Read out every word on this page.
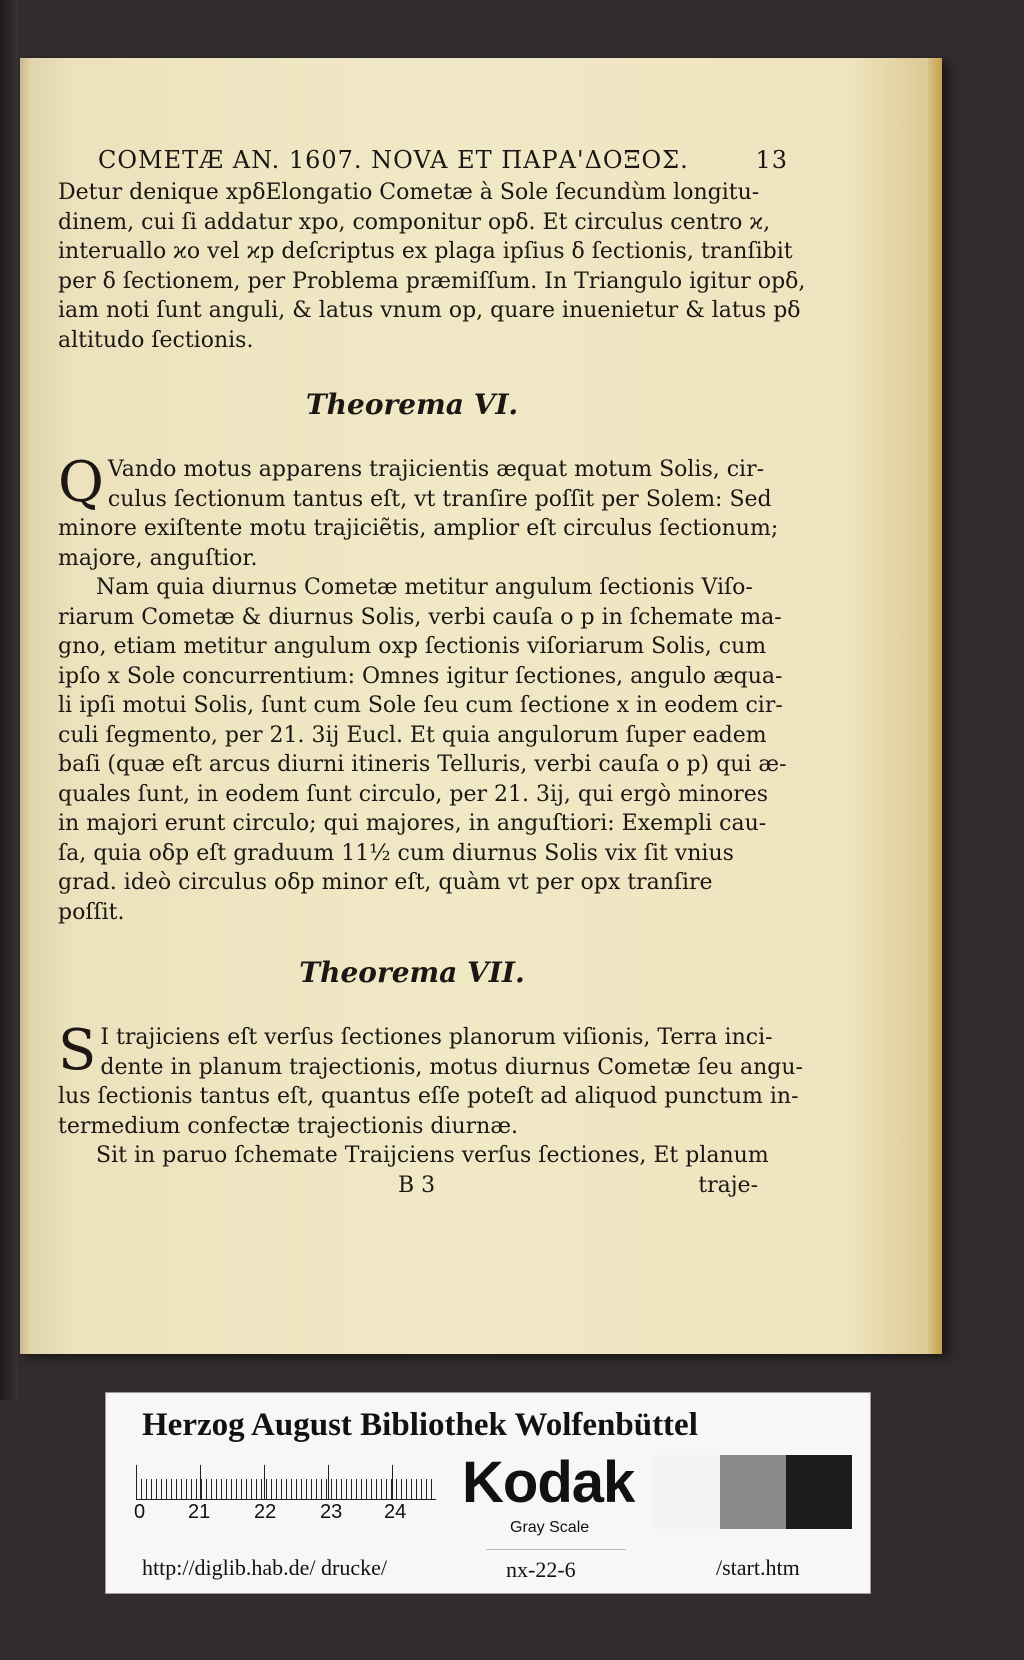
COMETÆ AN. 1607. NOVA ET ΠΑΡΑ'ΔΟΞΟΣ.	13
Detur denique xpδElongatio Cometæ à Sole ſecundùm longitu-
dinem, cui ſi addatur xpo, componitur opδ. Et circulus centro ϰ,
interuallo ϰo vel ϰp deſcriptus ex plaga ipſius δ ſectionis, tranſibit
per δ ſectionem, per Problema præmiſſum. In Triangulo igitur opδ,
iam noti ſunt anguli, & latus vnum op, quare inuenietur & latus pδ
altitudo ſectionis.
Theorema VI.
Q Vando motus apparens trajicientis æquat motum Solis, cir-
culus ſectionum tantus eſt, vt tranſire poſſit per Solem: Sed
minore exiſtente motu trajiciẽtis, amplior eſt circulus ſectionum;
majore, anguſtior.
Nam quia diurnus Cometæ metitur angulum ſectionis Viſo-
riarum Cometæ & diurnus Solis, verbi cauſa o p in ſchemate ma-
gno, etiam metitur angulum oxp ſectionis viſoriarum Solis, cum
ipſo x Sole concurrentium: Omnes igitur ſectiones, angulo æqua-
li ipſi motui Solis, ſunt cum Sole ſeu cum ſectione x in eodem cir-
culi ſegmento, per 21. 3ij Eucl. Et quia angulorum ſuper eadem
baſi (quæ eſt arcus diurni itineris Telluris, verbi cauſa o p) qui æ-
quales ſunt, in eodem ſunt circulo, per 21. 3ij, qui ergò minores
in majori erunt circulo; qui majores, in anguſtiori: Exempli cau-
ſa, quia oδp eſt graduum 11½ cum diurnus Solis vix ſit vnius
grad. ideò circulus oδp minor eſt, quàm vt per opx tranſire
poſſit.
Theorema VII.
S I trajiciens eſt verſus ſectiones planorum viſionis, Terra inci-
dente in planum trajectionis, motus diurnus Cometæ ſeu angu-
lus ſectionis tantus eſt, quantus eſſe poteſt ad aliquod punctum in-
termedium confectæ trajectionis diurnæ.
Sit in paruo ſchemate Traijciens verſus ſectiones, Et planum
B 3	traje-
Herzog August Bibliothek Wolfenbüttel
0 21 22 23 24 Kodak
Gray Scale
http://diglib.hab.de/ drucke/	nx-22-6	/start.htm
